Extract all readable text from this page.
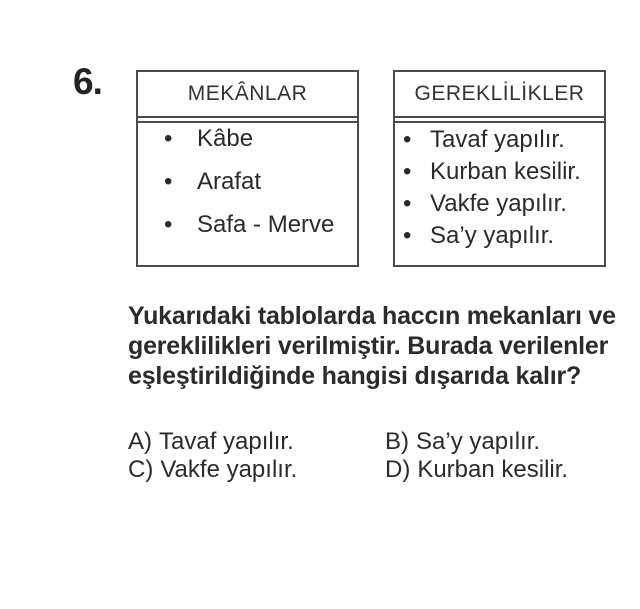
6.	MEKÂNLAR
•	Kâbe
•	Arafat
•	Safa - Merve
GEREKLİLİKLER
• Tavaf yapılır.
• Kurban kesilir.
• Vakfe yapılır.
• Sa’y yapılır.
Yukarıdaki tablolarda haccın mekanları ve
gereklilikleri verilmiştir. Burada verilenler
eşleştirildiğinde hangisi dışarıda kalır?
A) Tavaf yapılır.	B) Sa’y yapılır.
C) Vakfe yapılır.	D) Kurban kesilir.
